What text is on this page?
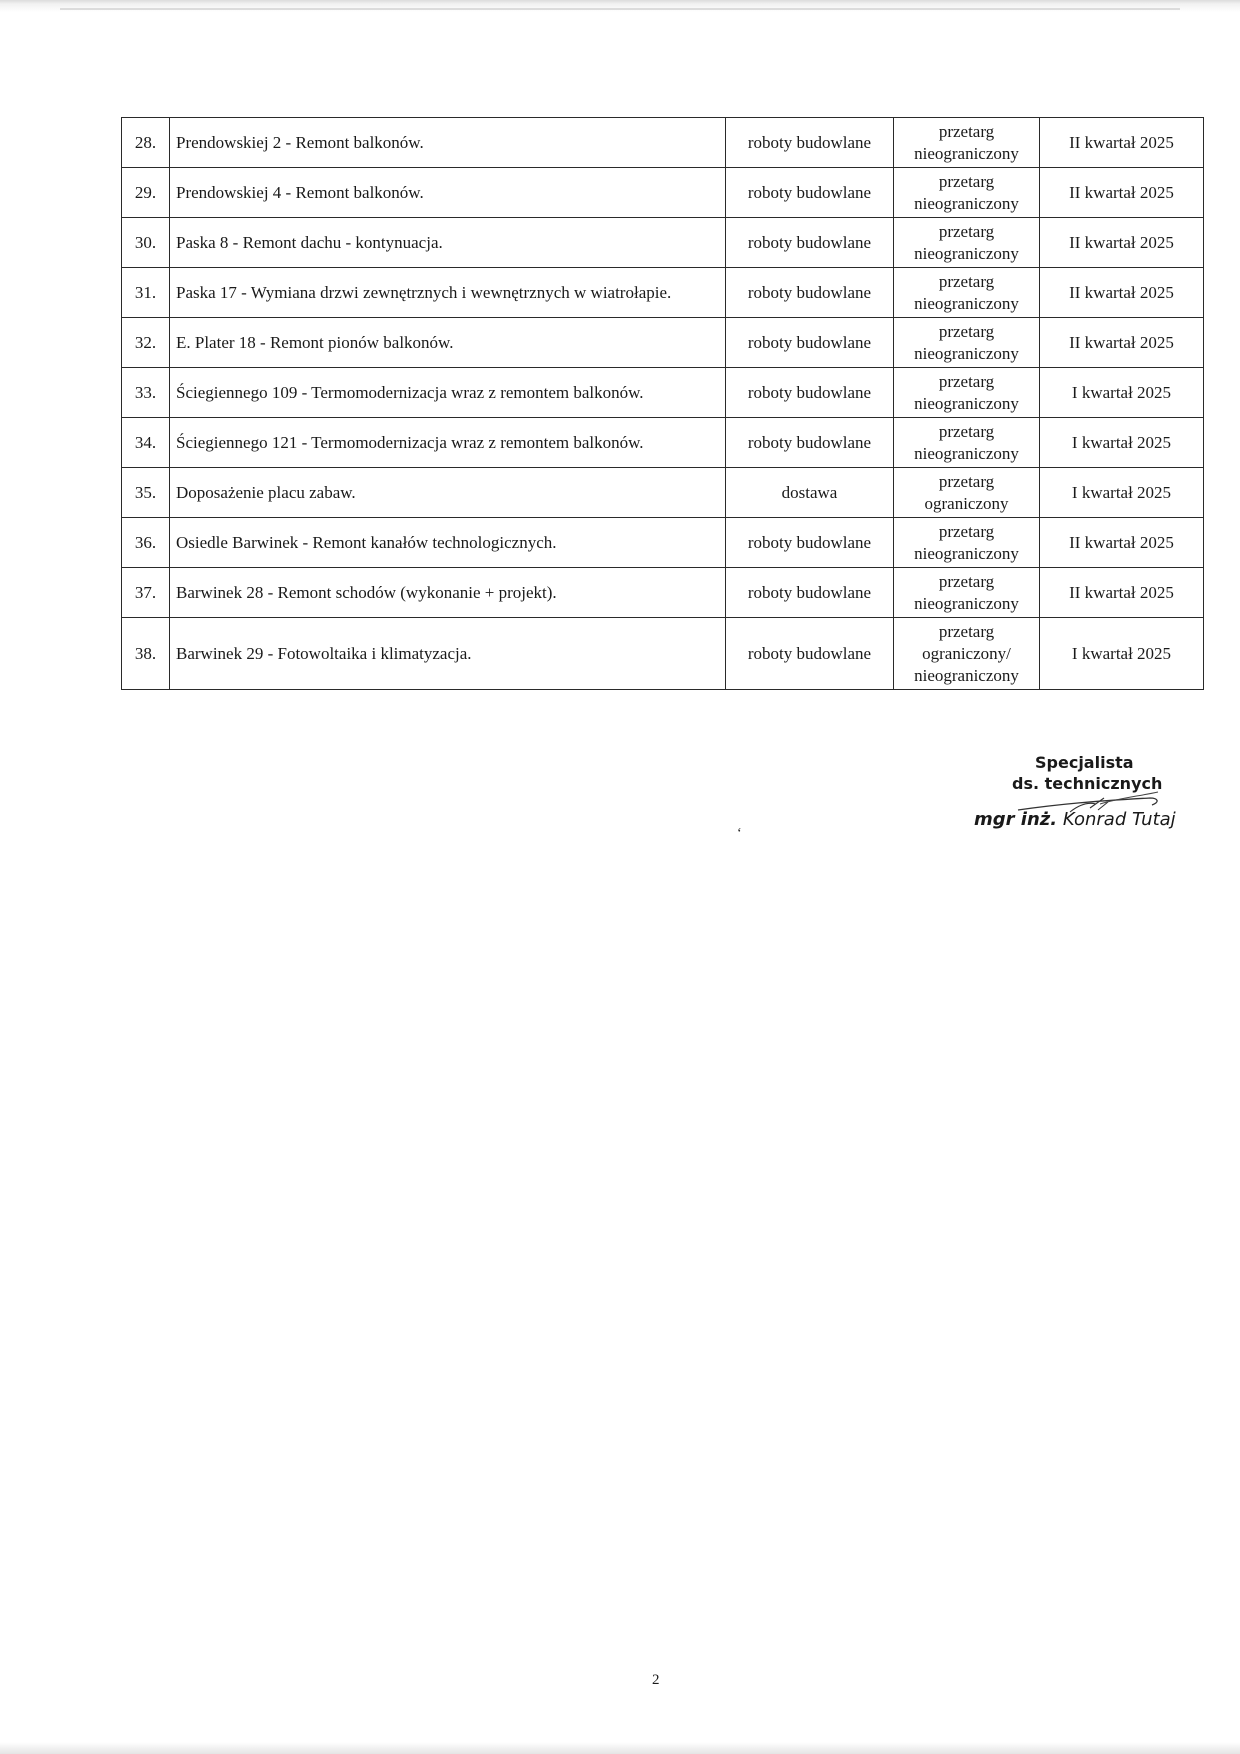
28.	Prendowskiej 2 - Remont balkonów.	roboty budowlane	przetarg nieograniczony	II kwartał 2025
29.	Prendowskiej 4 - Remont balkonów.	roboty budowlane	przetarg nieograniczony	II kwartał 2025
30.	Paska 8 - Remont dachu - kontynuacja.	roboty budowlane	przetarg nieograniczony	II kwartał 2025
31.	Paska 17 - Wymiana drzwi zewnętrznych i wewnętrznych w wiatrołapie.	roboty budowlane	przetarg nieograniczony	II kwartał 2025
32.	E. Plater 18 - Remont pionów balkonów.	roboty budowlane	przetarg nieograniczony	II kwartał 2025
33.	Ściegiennego 109 - Termomodernizacja wraz z remontem balkonów.	roboty budowlane	przetarg nieograniczony	I kwartał 2025
34.	Ściegiennego 121 - Termomodernizacja wraz z remontem balkonów.	roboty budowlane	przetarg nieograniczony	I kwartał 2025
35.	Doposażenie placu zabaw.	dostawa	przetarg ograniczony	I kwartał 2025
36.	Osiedle Barwinek - Remont kanałów technologicznych.	roboty budowlane	przetarg nieograniczony	II kwartał 2025
37.	Barwinek 28 - Remont schodów (wykonanie + projekt).	roboty budowlane	przetarg nieograniczony	II kwartał 2025
38.	Barwinek 29 - Fotowoltaika i klimatyzacja.	roboty budowlane	przetarg ograniczony/ nieograniczony	I kwartał 2025
Specjalista
ds. technicznych
mgr inż. Konrad Tutaj
‘
2
